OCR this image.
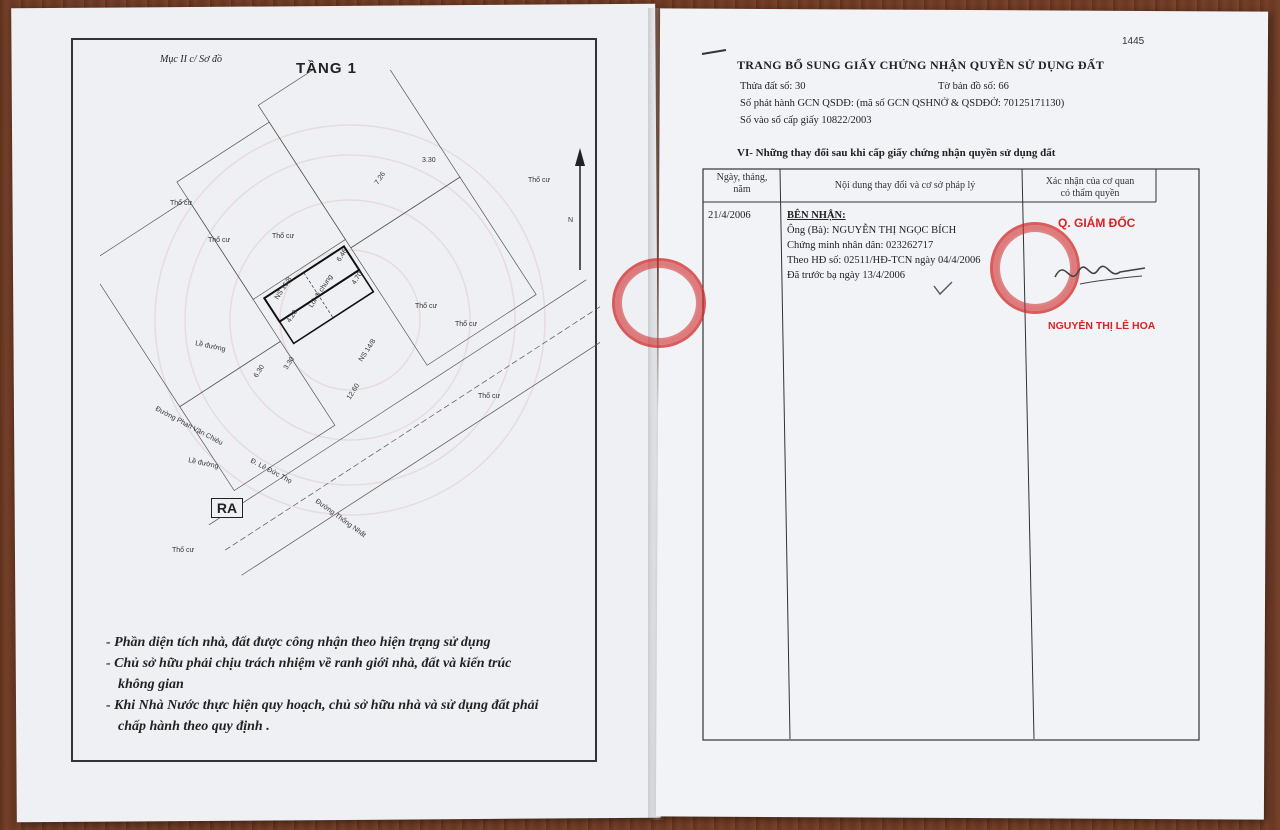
Mục II c/ Sơ đồ
TẦNG 1
Thổ cư
Thổ cư
Thổ cư
Thổ cư
Thổ cư
Thổ cư
Thổ cư
Thổ cư
Lề đường
Lề đường
Đường Phan Văn Chiêu
Đ. Lê Đức Thọ
Đường Thống Nhất
NS 15/8
NS 14/8
Lối đi chung
3.30
7.26
6.46
4.20
4.70
3.30
12.60
6.30
N
RA
- Phần diện tích nhà, đất được công nhận theo hiện trạng sử dụng
- Chủ sở hữu phải chịu trách nhiệm về ranh giới nhà, đất và kiến trúc
không gian
- Khi Nhà Nước thực hiện quy hoạch, chủ sở hữu nhà và sử dụng đất phải
chấp hành theo quy định .
1445
TRANG BỔ SUNG GIẤY CHỨNG NHẬN QUYỀN SỬ DỤNG ĐẤT
Thửa đất số: 30	Tờ bản đồ số: 66
Số phát hành GCN QSDĐ: (mã số GCN QSHNỞ & QSDĐỞ: 70125171130)
Số vào sổ cấp giấy 10822/2003
VI- Những thay đổi sau khi cấp giấy chứng nhận quyền sử dụng đất
Ngày, tháng,
năm	Nội dung thay đổi và cơ sở pháp lý	Xác nhận của cơ quan
có thẩm quyền
21/4/2006	BÊN NHẬN:
Ông (Bà): NGUYỄN THỊ NGỌC BÍCH
Chứng minh nhân dân: 023262717
Theo HĐ số: 02511/HĐ-TCN ngày 04/4/2006
Đã trước bạ ngày 13/4/2006
Q. GIÁM ĐỐC
NGUYỄN THỊ LÊ HOA
